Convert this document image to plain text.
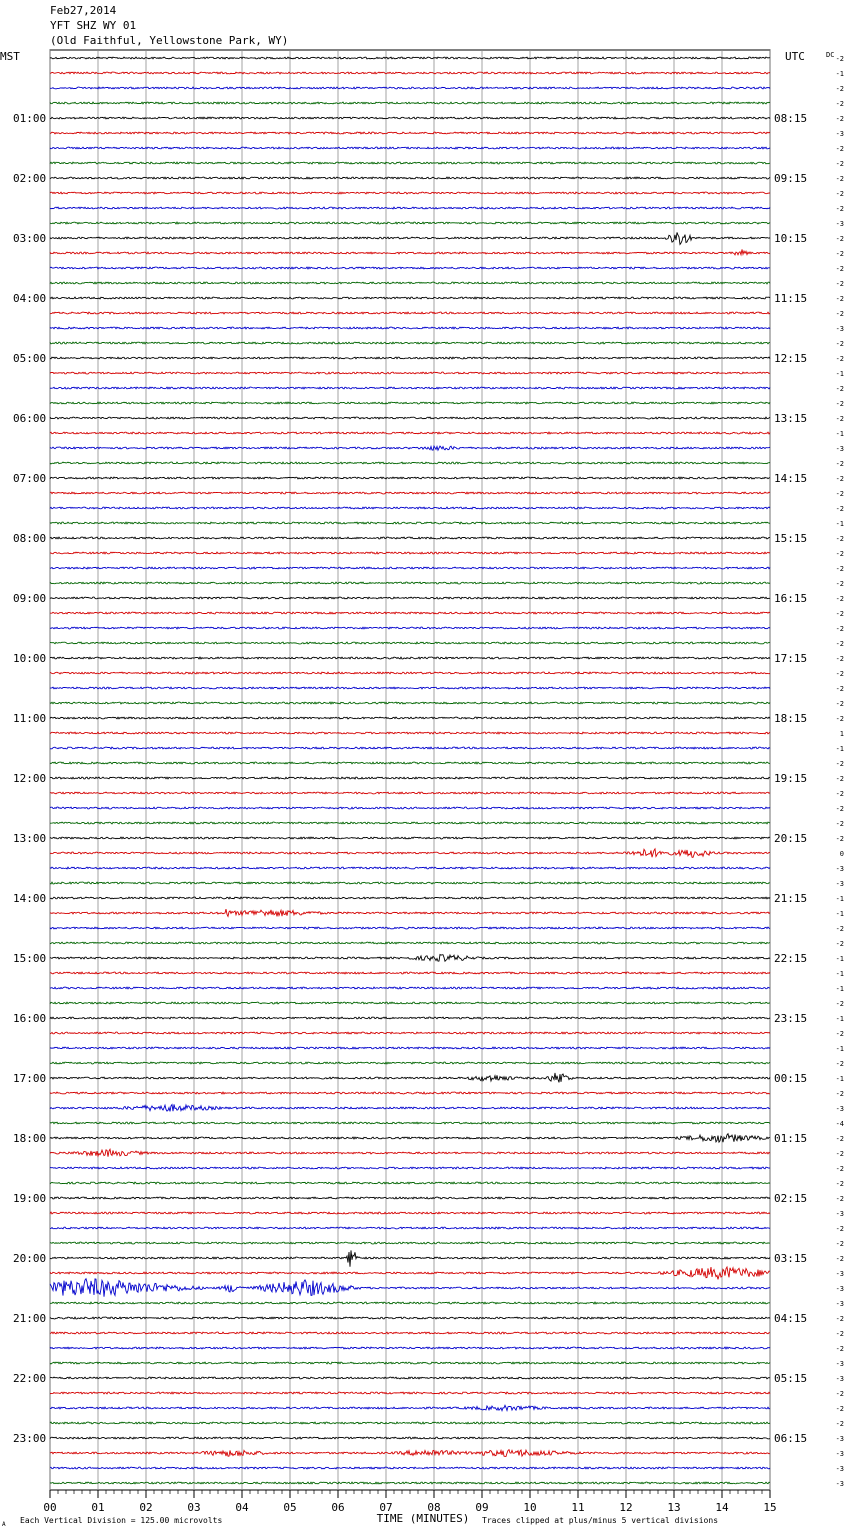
00	01	02	03	04	05	06	07	08	09	10	11	12	13	14	15
-2
-1
-2
-2
-2
-3
-2
-2
-2
-2
-2
-3
-2
-2
-2
-2
-2
-2
-3
-2
-2
-1
-2
-2
-2
-1
-3
-2
-2
-2
-2
-1
-2
-2
-2
-2
-2
-2
-2
-2
-2
-2
-2
-2
-2
1
-1
-2
-2
-2
-2
-2
-2
0
-3
-3
-1
-1
-2
-2
-1
-1
-1
-2
-1
-2
-1
-2
-1
-2
-3
-4
-2
-2
-2
-2
-2
-3
-2
-2
-2
-3
-3
-3
-2
-2
-2
-3
-3
-2
-2
-2
-3
-3
-3
-3
MST	UTC	DC
01:00
02:00
03:00
04:00
05:00
06:00
07:00
08:00
09:00
10:00
11:00
12:00
13:00
14:00
15:00
16:00
17:00
18:00
19:00
20:00
21:00
22:00
23:00
08:15
09:15
10:15
11:15
12:15
13:15
14:15
15:15
16:15
17:15
18:15
19:15
20:15
21:15
22:15
23:15
00:15
01:15
02:15
03:15
04:15
05:15
06:15
TIME (MINUTES)
Each Vertical Division = 125.00 microvolts	Traces clipped at plus/minus 5 vertical divisions
A
Feb27,2014
YFT SHZ WY 01
(Old Faithful, Yellowstone Park, WY)
